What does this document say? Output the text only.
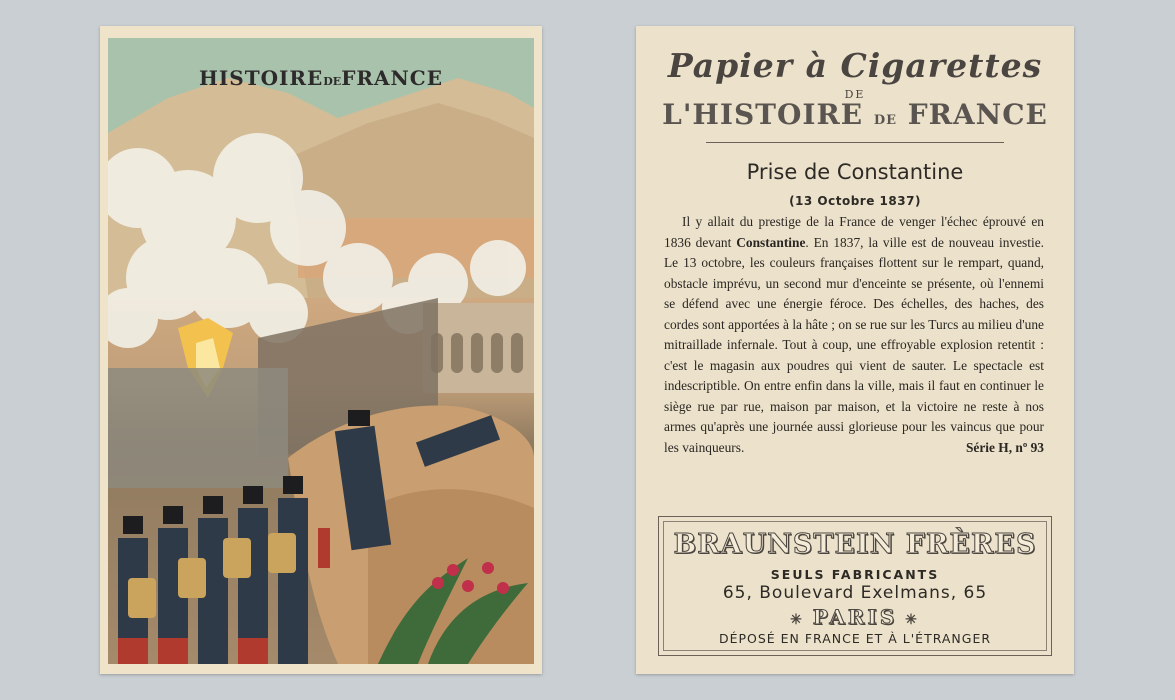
HISTOIREDEFRANCE	Papier à Cigarettes
DE
L'HISTOIRE DE FRANCE
Prise de Constantine
(13 Octobre 1837)
Il y allait du prestige de la France de venger l'échec éprouvé en 1836 devant Constantine. En 1837, la ville est de nouveau investie. Le 13 octobre, les couleurs françaises flottent sur le rempart, quand, obstacle imprévu, un second mur d'enceinte se présente, où l'ennemi se défend avec une énergie féroce. Des échelles, des haches, des cordes sont apportées à la hâte ; on se rue sur les Turcs au milieu d'une mitraillade infernale. Tout à coup, une effroyable explosion retentit : c'est le magasin aux poudres qui vient de sauter. Le spectacle est indescriptible. On entre enfin dans la ville, mais il faut en continuer le siège rue par rue, maison par maison, et la victoire ne reste à nos armes qu'après une journée aussi glorieuse pour les vaincus que pour les vainqueurs.	Série H, nº 93
BRAUNSTEIN FRÈRES
SEULS FABRICANTS
65, Boulevard Exelmans, 65
✳ PARIS ✳
DÉPOSÉ EN FRANCE ET À L'ÉTRANGER
